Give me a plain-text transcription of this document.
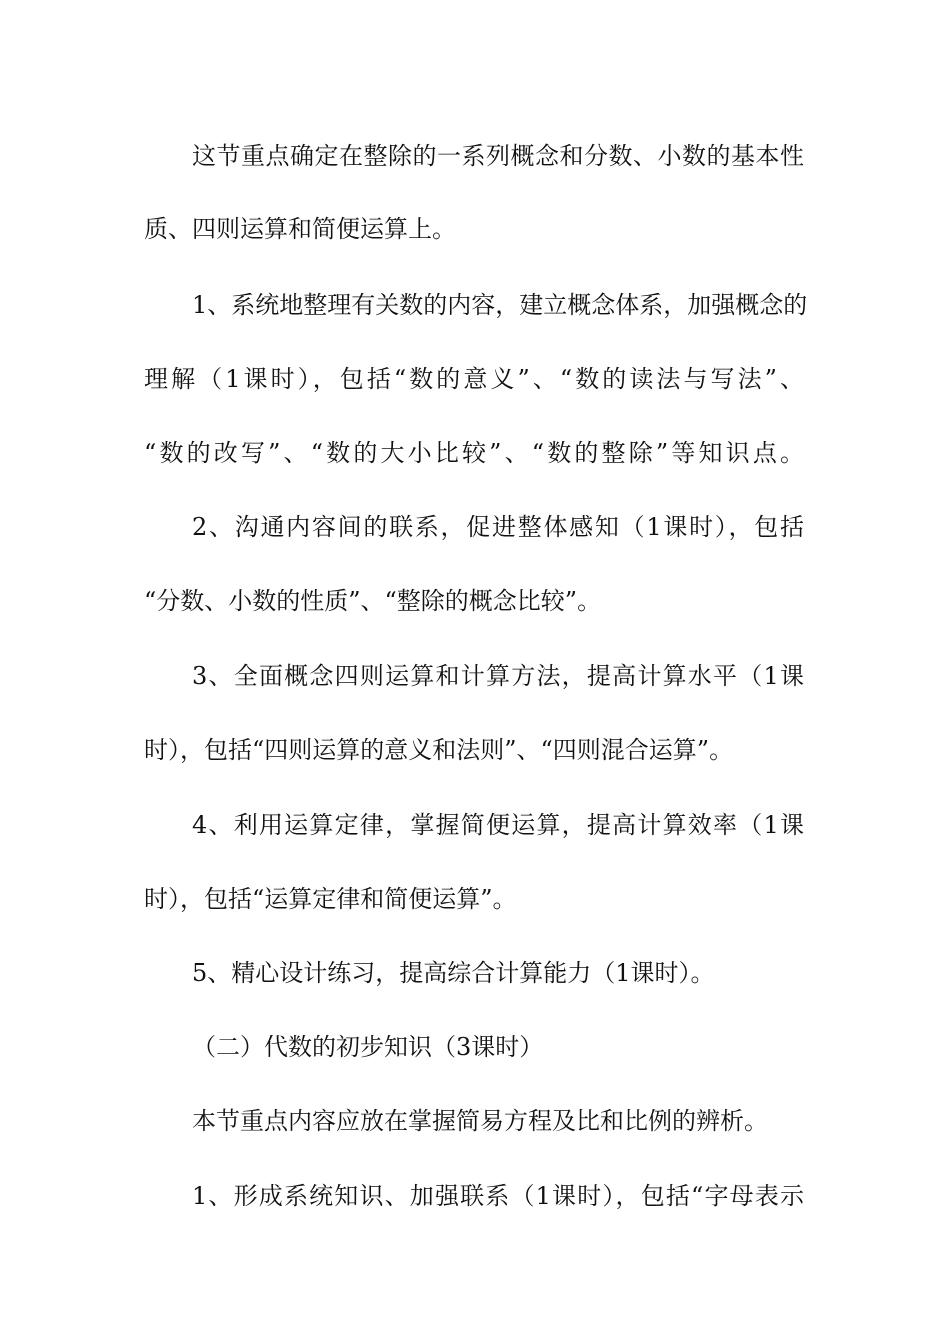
这节重点确定在整除的一系列概念和分数、小数的基本性
质、四则运算和简便运算上。
1、系统地整理有关数的内容，建立概念体系，加强概念的
理解（1课时），包括“数的意义”、“数的读法与写法”、
“数的改写”、“数的大小比较”、“数的整除”等知识点。
2、沟通内容间的联系，促进整体感知（1课时），包括
“分数、小数的性质”、“整除的概念比较”。
3、全面概念四则运算和计算方法，提高计算水平（1课
时），包括“四则运算的意义和法则”、“四则混合运算”。
4、利用运算定律，掌握简便运算，提高计算效率（1课
时），包括“运算定律和简便运算”。
5、精心设计练习，提高综合计算能力（1课时）。
（二）代数的初步知识（3课时）
本节重点内容应放在掌握简易方程及比和比例的辨析。
1、形成系统知识、加强联系（1课时），包括“字母表示
